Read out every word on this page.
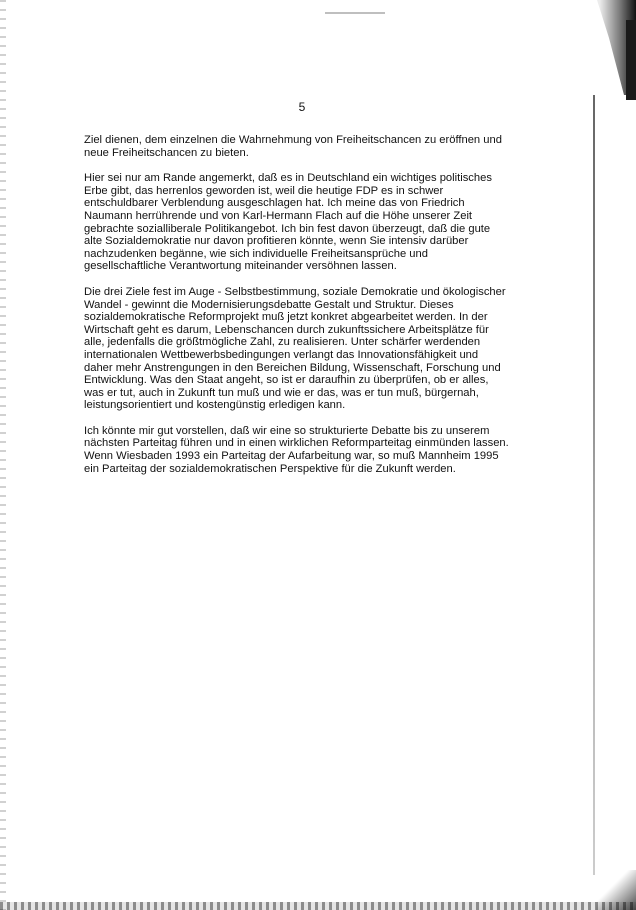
5

Ziel dienen, dem einzelnen die Wahrnehmung von Freiheitschancen zu eröffnen und
neue Freiheitschancen zu bieten.

Hier sei nur am Rande angemerkt, daß es in Deutschland ein wichtiges politisches
Erbe gibt, das herrenlos geworden ist, weil die heutige FDP es in schwer
entschuldbarer Verblendung ausgeschlagen hat. Ich meine das von Friedrich
Naumann herrührende und von Karl-Hermann Flach auf die Höhe unserer Zeit
gebrachte sozialliberale Politikangebot. Ich bin fest davon überzeugt, daß die gute
alte Sozialdemokratie nur davon profitieren könnte, wenn Sie intensiv darüber
nachzudenken begänne, wie sich individuelle Freiheitsansprüche und
gesellschaftliche Verantwortung miteinander versöhnen lassen.

Die drei Ziele fest im Auge - Selbstbestimmung, soziale Demokratie und ökologischer
Wandel - gewinnt die Modernisierungsdebatte Gestalt und Struktur. Dieses
sozialdemokratische Reformprojekt muß jetzt konkret abgearbeitet werden. In der
Wirtschaft geht es darum, Lebenschancen durch zukunftssichere Arbeitsplätze für
alle, jedenfalls die größtmögliche Zahl, zu realisieren. Unter schärfer werdenden
internationalen Wettbewerbsbedingungen verlangt das Innovationsfähigkeit und
daher mehr Anstrengungen in den Bereichen Bildung, Wissenschaft, Forschung und
Entwicklung. Was den Staat angeht, so ist er daraufhin zu überprüfen, ob er alles,
was er tut, auch in Zukunft tun muß und wie er das, was er tun muß, bürgernah,
leistungsorientiert und kostengünstig erledigen kann.

Ich könnte mir gut vorstellen, daß wir eine so strukturierte Debatte bis zu unserem
nächsten Parteitag führen und in einen wirklichen Reformparteitag einmünden lassen.
Wenn Wiesbaden 1993 ein Parteitag der Aufarbeitung war, so muß Mannheim 1995
ein Parteitag der sozialdemokratischen Perspektive für die Zukunft werden.
